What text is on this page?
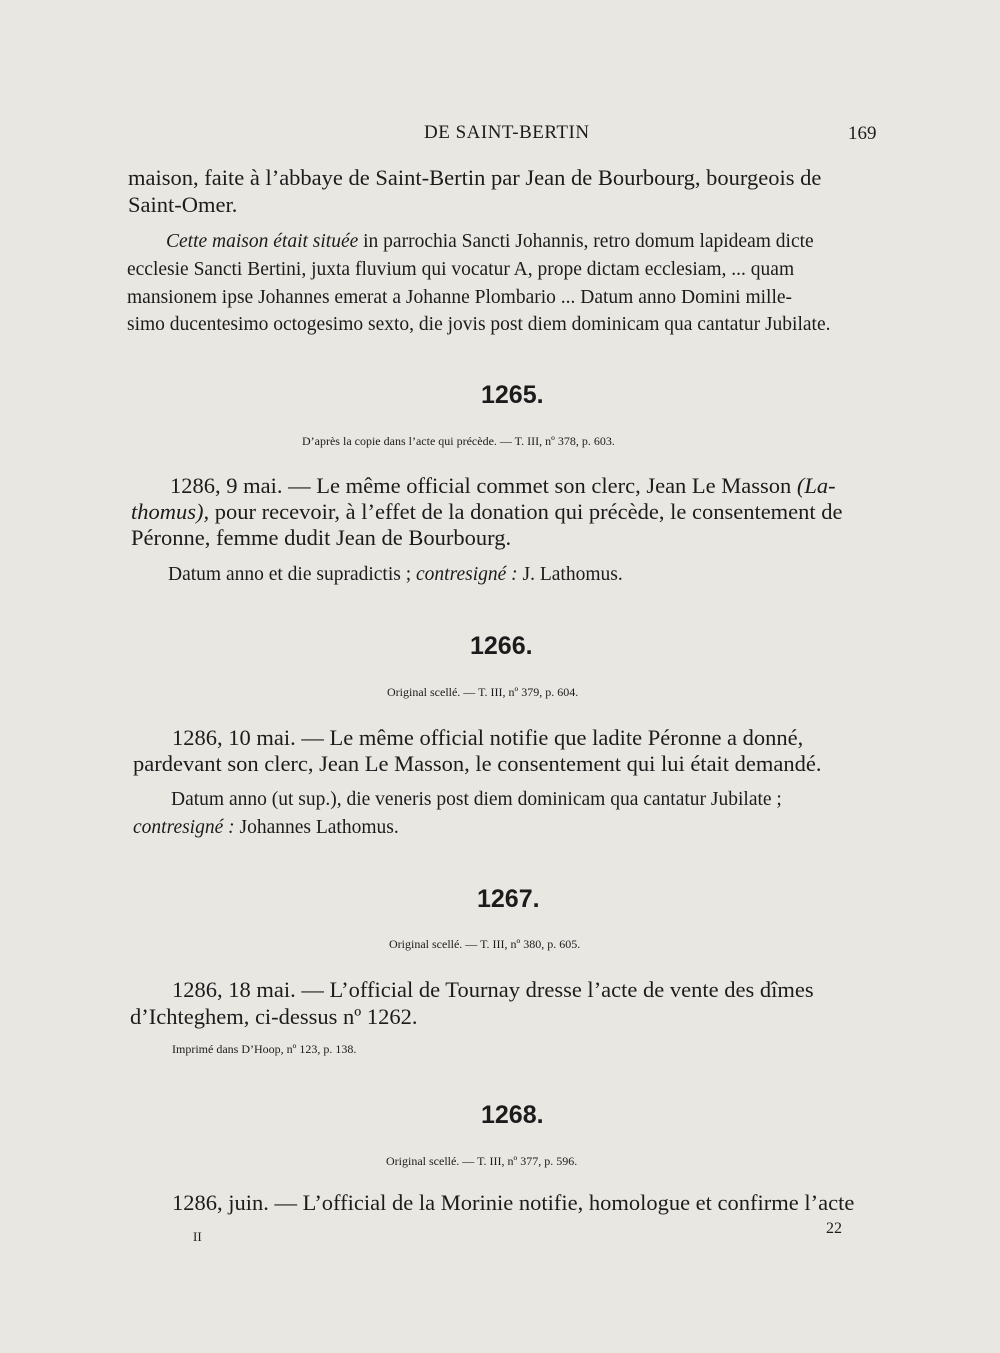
DE SAINT-BERTIN	169
maison, faite à l’abbaye de Saint-Bertin par Jean de Bourbourg, bourgeois de
Saint-Omer.
Cette maison était située in parrochia Sancti Johannis, retro domum lapideam dicte
ecclesie Sancti Bertini, juxta fluvium qui vocatur A, prope dictam ecclesiam, ... quam
mansionem ipse Johannes emerat a Johanne Plombario ... Datum anno Domini mille-
simo ducentesimo octogesimo sexto, die jovis post diem dominicam qua cantatur Jubilate.
1265.
D’après la copie dans l’acte qui précède. — T. III, nº 378, p. 603.
1286, 9 mai. — Le même official commet son clerc, Jean Le Masson (La-
thomus), pour recevoir, à l’effet de la donation qui précède, le consentement de
Péronne, femme dudit Jean de Bourbourg.
Datum anno et die supradictis ; contresigné : J. Lathomus.
1266.
Original scellé. — T. III, nº 379, p. 604.
1286, 10 mai. — Le même official notifie que ladite Péronne a donné,
pardevant son clerc, Jean Le Masson, le consentement qui lui était demandé.
Datum anno (ut sup.), die veneris post diem dominicam qua cantatur Jubilate ;
contresigné : Johannes Lathomus.
1267.
Original scellé. — T. III, nº 380, p. 605.
1286, 18 mai. — L’official de Tournay dresse l’acte de vente des dîmes
d’Ichteghem, ci-dessus nº 1262.
Imprimé dans D’Hoop, nº 123, p. 138.
1268.
Original scellé. — T. III, nº 377, p. 596.
1286, juin. — L’official de la Morinie notifie, homologue et confirme l’acte
II	22
